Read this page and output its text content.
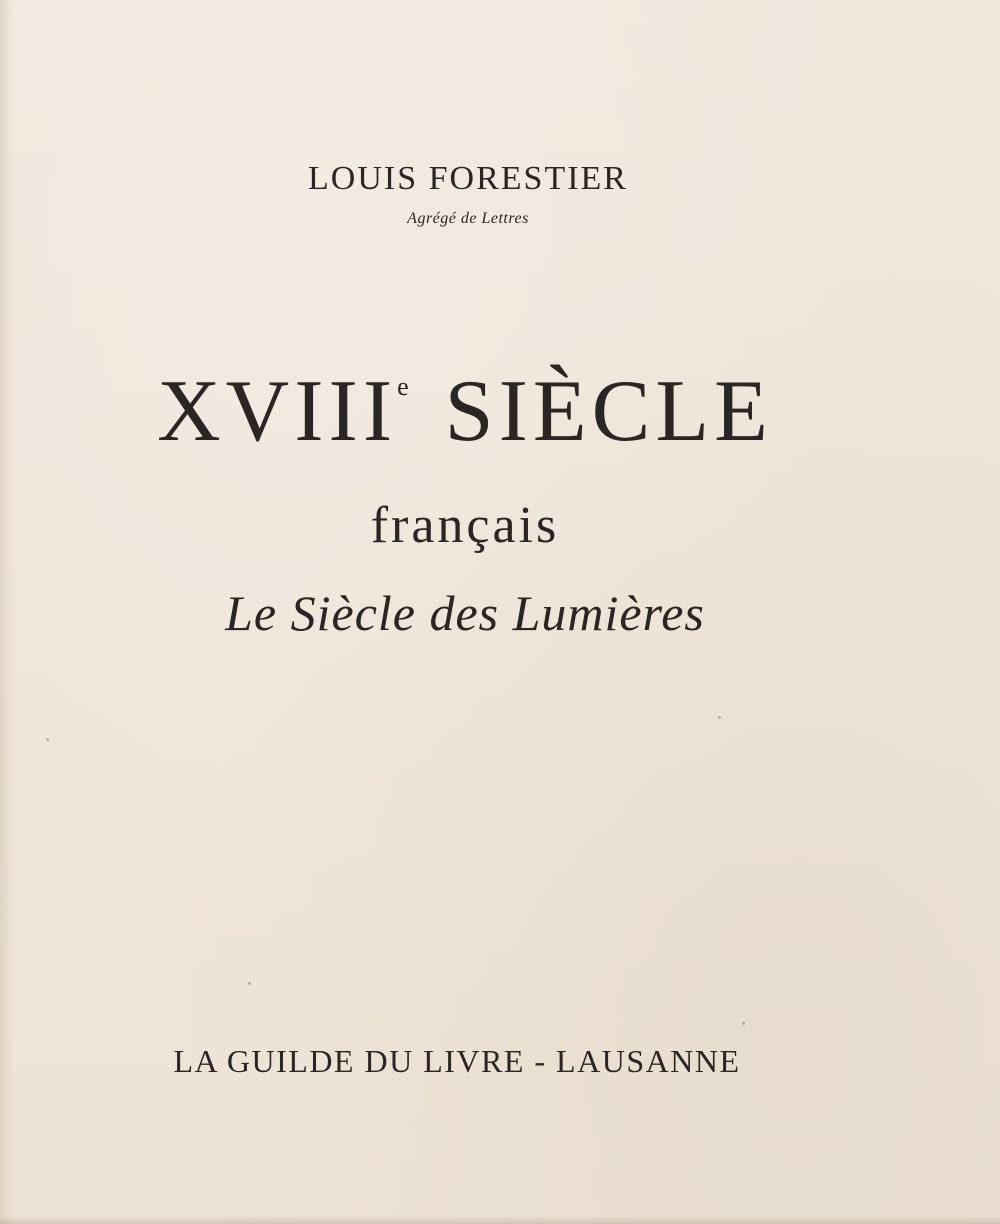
LOUIS FORESTIER
Agrégé de Lettres
XVIIIe SIÈCLE
français
Le Siècle des Lumières
LA GUILDE DU LIVRE - LAUSANNE
